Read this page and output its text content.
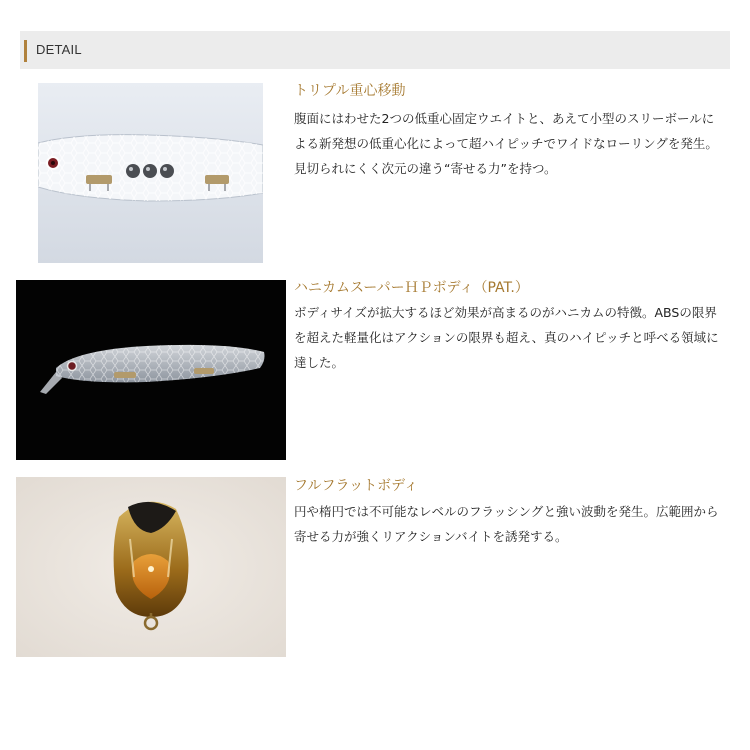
DETAIL
トリプル重心移動
腹面にはわせた2つの低重心固定ウエイトと、あえて小型のスリーボールによる新発想の低重心化によって超ハイピッチでワイドなローリングを発生。見切られにくく次元の違う“寄せる力”を持つ。
ハニカムスーパーＨＰボディ（PAT.）
ボディサイズが拡大するほど効果が高まるのがハニカムの特徴。ABSの限界を超えた軽量化はアクションの限界も超え、真のハイピッチと呼べる領域に達した。
フルフラットボディ
円や楕円では不可能なレベルのフラッシングと強い波動を発生。広範囲から寄せる力が強くリアクションバイトを誘発する。
